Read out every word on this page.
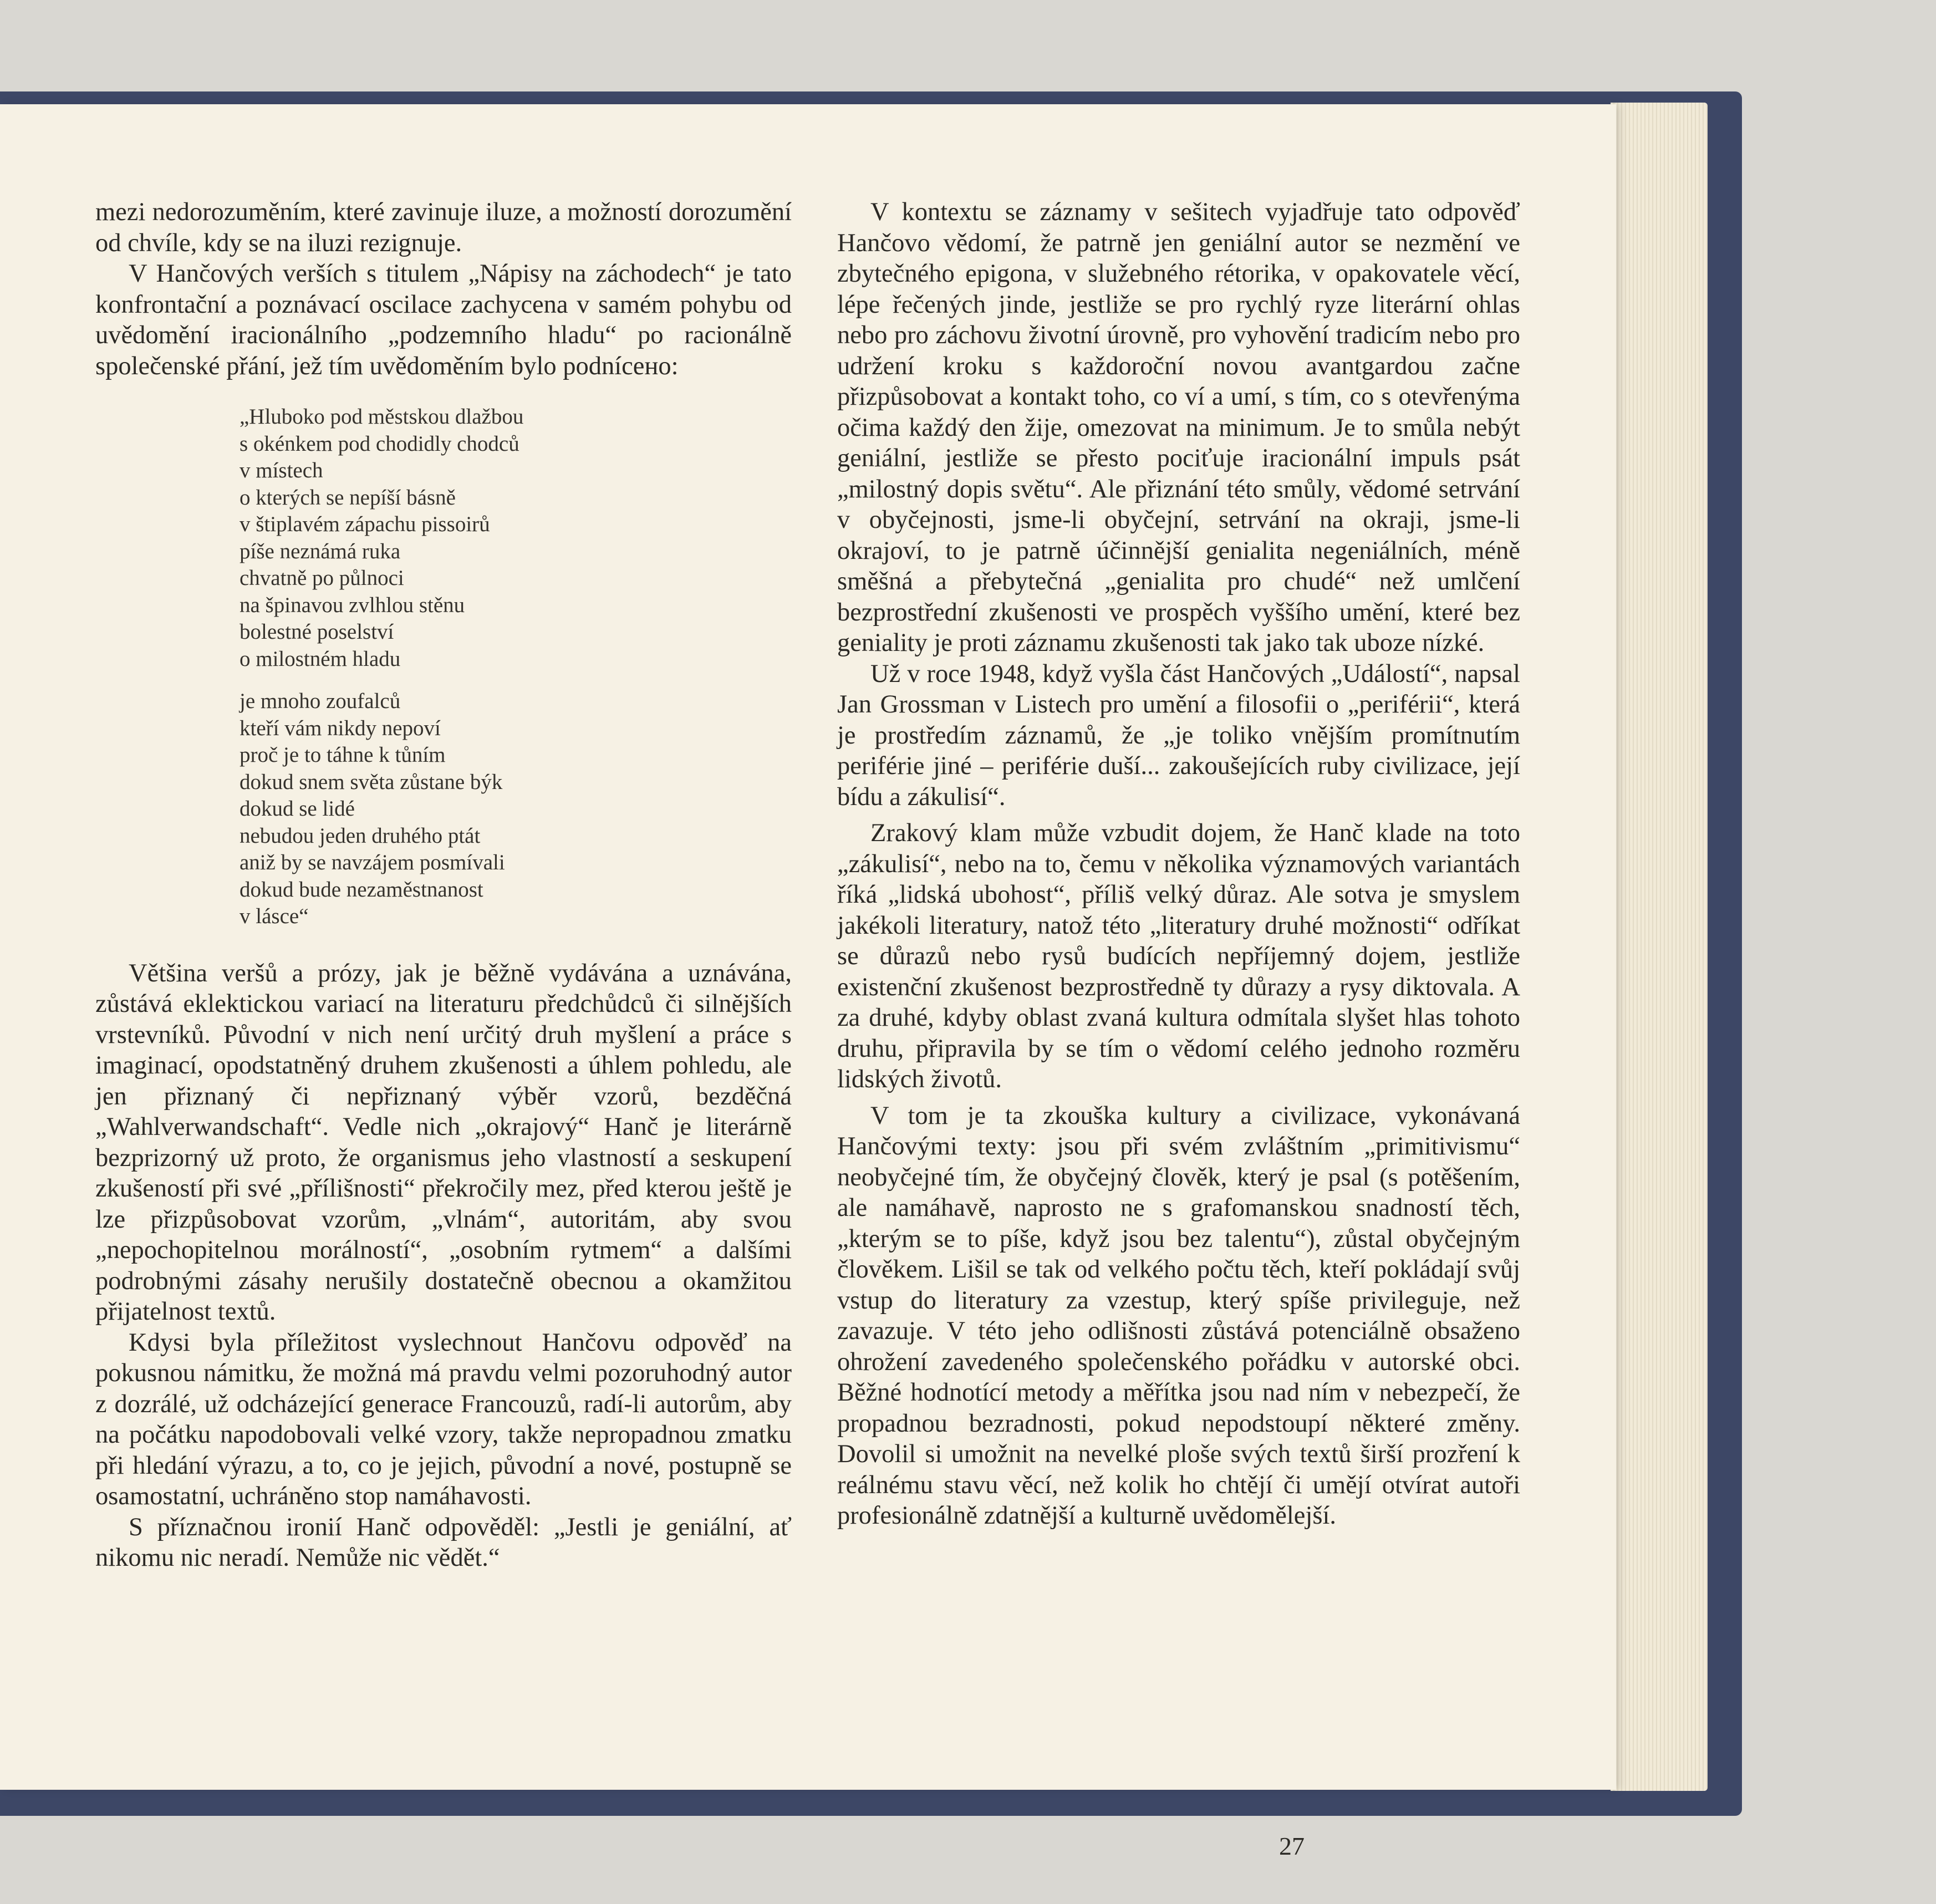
mezi nedorozuměním, které zavinuje iluze, a možností dorozumění od chvíle, kdy se na iluzi rezignuje.

V Hančových verších s titulem „Nápisy na záchodech“ je tato konfrontační a poznávací oscilace zachycena v samém pohybu od uvědomění iracionálního „podzemního hladu“ po racionálně společenské přání, jež tím uvědoměním bylo podnícено:

„Hluboko pod městskou dlažbou
s okénkem pod chodidly chodců
v místech
o kterých se nepíší básně
v štiplavém zápachu pissoirů
píše neznámá ruka
chvatně po půlnoci
na špinavou zvlhlou stěnu
bolestné poselství
o milostném hladu
je mnoho zoufalců
kteří vám nikdy nepoví
proč je to táhne k tůním
dokud snem světa zůstane býk
dokud se lidé
nebudou jeden druhého ptát
aniž by se navzájem posmívali
dokud bude nezaměstnanost
v lásce“

Většina veršů a prózy, jak je běžně vydávána a uznávána, zůstává eklektickou variací na literaturu předchůdců či silnějších vrstevníků. Původní v nich není určitý druh myšlení a práce s imaginací, opodstatněný druhem zkušenosti a úhlem pohledu, ale jen přiznaný či nepřiznaný výběr vzorů, bezděčná „Wahlverwandschaft“. Vedle nich „okrajový“ Hanč je literárně bezprizorný už proto, že organismus jeho vlastností a seskupení zkušeností při své „přílišnosti“ překročily mez, před kterou ještě je lze přizpůsobovat vzorům, „vlnám“, autoritám, aby svou „nepochopitelnou morálností“, „osobním rytmem“ a dalšími podrobnými zásahy nerušily dostatečně obecnou a okamžitou přijatelnost textů.

Kdysi byla příležitost vyslechnout Hančovu odpověď na pokusnou námitku, že možná má pravdu velmi pozoruhodný autor z dozrálé, už odcházející generace Francouzů, radí-li autorům, aby na počátku napodobovali velké vzory, takže nepropadnou zmatku při hledání výrazu, a to, co je jejich, původní a nové, postupně se osamostatní, uchráněno stop namáhavosti.

S příznačnou ironií Hanč odpověděl: „Jestli je geniální, ať nikomu nic neradí. Nemůže nic vědět.“

V kontextu se záznamy v sešitech vyjadřuje tato odpověď Hančovo vědomí, že patrně jen geniální autor se nezmění ve zbytečného epigona, v služebného rétorika, v opakovatele věcí, lépe řečených jinde, jestliže se pro rychlý ryze literární ohlas nebo pro záchovu životní úrovně, pro vyhovění tradicím nebo pro udržení kroku s každoroční novou avantgardou začne přizpůsobovat a kontakt toho, co ví a umí, s tím, co s otevřenýma očima každý den žije, omezovat na minimum. Je to smůla nebýt geniální, jestliže se přesto pociťuje iracionální impuls psát „milostný dopis světu“. Ale přiznání této smůly, vědomé setrvání v obyčejnosti, jsme-li obyčejní, setrvání na okraji, jsme-li okrajoví, to je patrně účinnější genialita negeniálních, méně směšná a přebytečná „genialita pro chudé“ než umlčení bezprostřední zkušenosti ve prospěch vyššího umění, které bez geniality je proti záznamu zkušenosti tak jako tak uboze nízké.

Už v roce 1948, když vyšla část Hančových „Událostí“, napsal Jan Grossman v Listech pro umění a filosofii o „periférii“, která je prostředím záznamů, že „je toliko vnějším promítnutím periférie jiné – periférie duší... zakoušejících ruby civilizace, její bídu a zákulisí“.

Zrakový klam může vzbudit dojem, že Hanč klade na toto „zákulisí“, nebo na to, čemu v několika významových variantách říká „lidská ubohost“, příliš velký důraz. Ale sotva je smyslem jakékoli literatury, natož této „literatury druhé možnosti“ odříkat se důrazů nebo rysů budících nepříjemný dojem, jestliže existenční zkušenost bezprostředně ty důrazy a rysy diktovala. A za druhé, kdyby oblast zvaná kultura odmítala slyšet hlas tohoto druhu, připravila by se tím o vědomí celého jednoho rozměru lidských životů.

V tom je ta zkouška kultury a civilizace, vykonávaná Hančovými texty: jsou při svém zvláštním „primitivismu“ neobyčejné tím, že obyčejný člověk, který je psal (s potěšením, ale namáhavě, naprosto ne s grafomanskou snadností těch, „kterým se to píše, když jsou bez talentu“), zůstal obyčejným člověkem. Lišil se tak od velkého počtu těch, kteří pokládají svůj vstup do literatury za vzestup, který spíše privileguje, než zavazuje. V této jeho odlišnosti zůstává potenciálně obsaženo ohrožení zavedeného společenského pořádku v autorské obci. Běžné hodnotící metody a měřítka jsou nad ním v nebezpečí, že propadnou bezradnosti, pokud nepodstoupí některé změny. Dovolil si umožnit na nevelké ploše svých textů širší prozření k reálnému stavu věcí, než kolik ho chtějí či umějí otvírat autoři profesionálně zdatnější a kulturně uvědomělejší.

27
